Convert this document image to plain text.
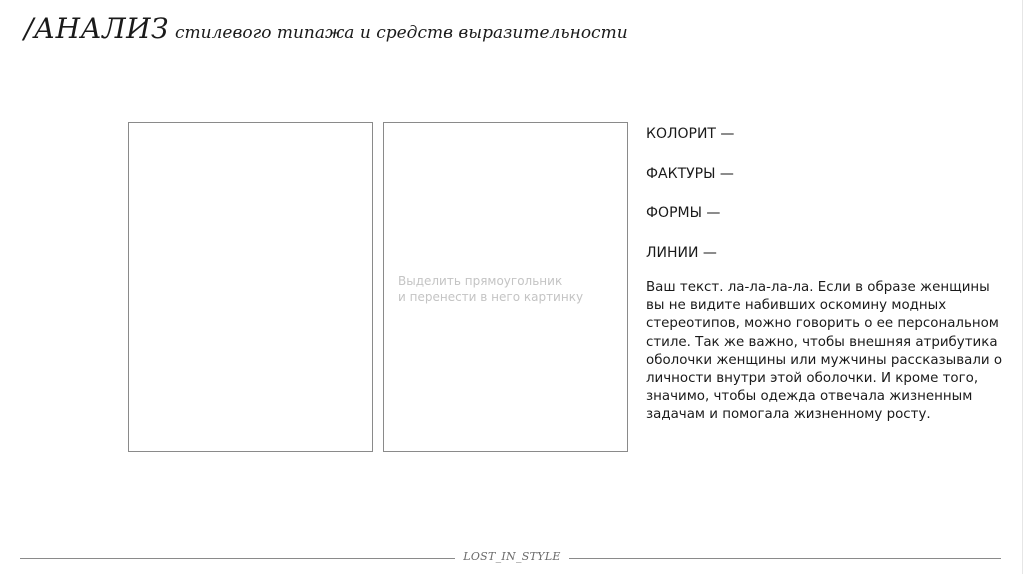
/АНАЛИЗ стилевого типажа и средств выразительности
Выделить прямоугольник
и перенести в него картинку
КОЛОРИТ —
ФАКТУРЫ —
ФОРМЫ —
ЛИНИИ —

Ваш текст. ла-ла-ла-ла. Если в образе женщины вы не видите набивших оскомину модных стереотипов, можно говорить о ее персональном стиле. Так же важно, чтобы внешняя атрибутика оболочки женщины или мужчины рассказывали о личности внутри этой оболочки. И кроме того, значимо, чтобы одежда отвечала жизненным задачам и помогала жизненному росту.

LOST_IN_STYLE
